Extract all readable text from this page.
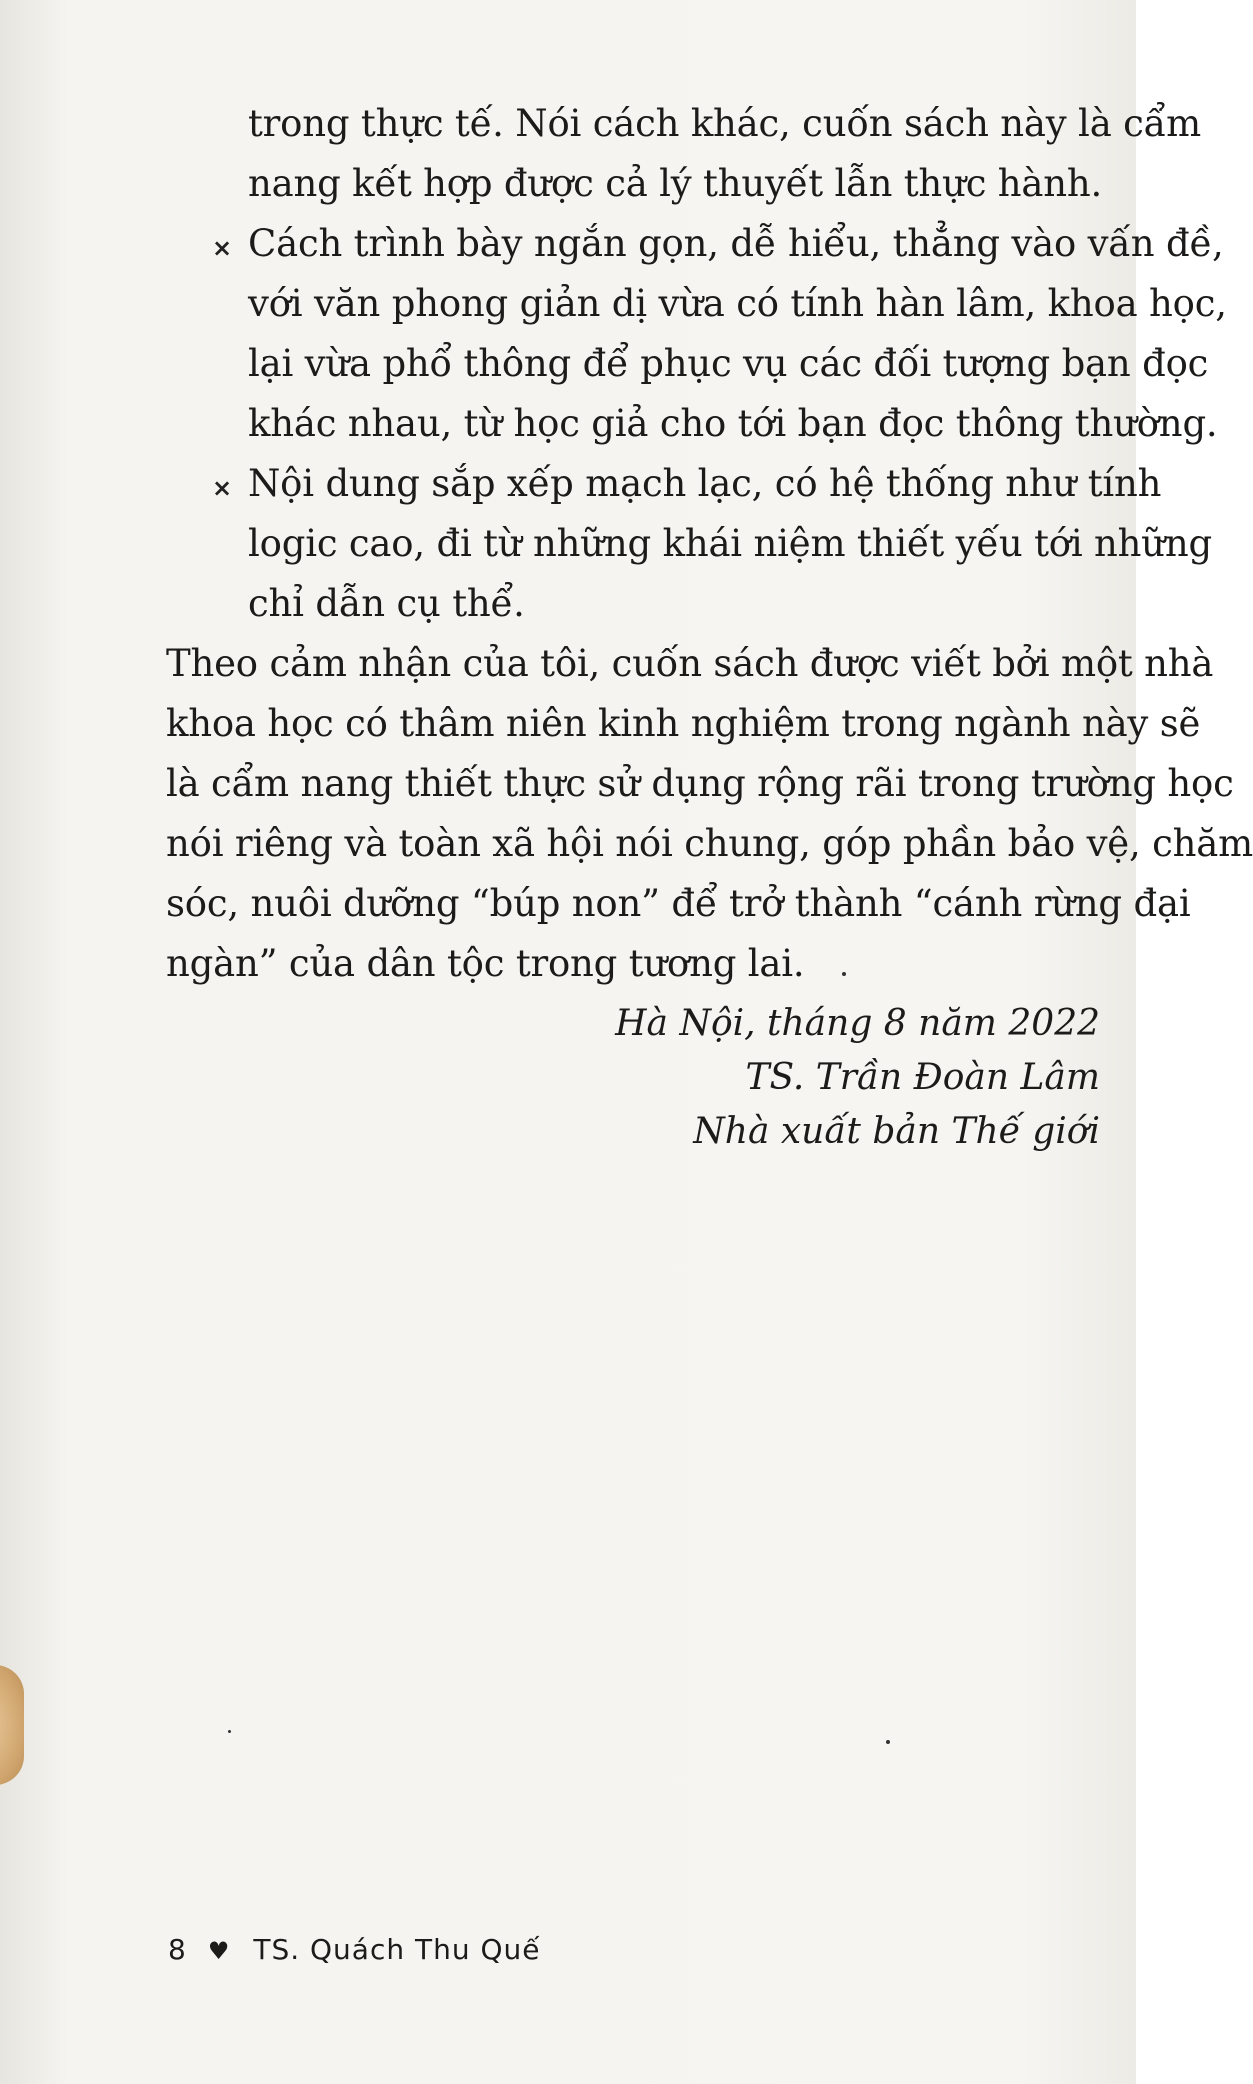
trong thực tế. Nói cách khác, cuốn sách này là cẩm
nang kết hợp được cả lý thuyết lẫn thực hành.
× Cách trình bày ngắn gọn, dễ hiểu, thẳng vào vấn đề,
với văn phong giản dị vừa có tính hàn lâm, khoa học,
lại vừa phổ thông để phục vụ các đối tượng bạn đọc
khác nhau, từ học giả cho tới bạn đọc thông thường.
× Nội dung sắp xếp mạch lạc, có hệ thống như tính
logic cao, đi từ những khái niệm thiết yếu tới những
chỉ dẫn cụ thể.
Theo cảm nhận của tôi, cuốn sách được viết bởi một nhà
khoa học có thâm niên kinh nghiệm trong ngành này sẽ
là cẩm nang thiết thực sử dụng rộng rãi trong trường học
nói riêng và toàn xã hội nói chung, góp phần bảo vệ, chăm
sóc, nuôi dưỡng “búp non” để trở thành “cánh rừng đại
ngàn” của dân tộc trong tương lai.
Hà Nội, tháng 8 năm 2022
TS. Trần Đoàn Lâm
Nhà xuất bản Thế giới
8 ♥ TS. Quách Thu Quế
